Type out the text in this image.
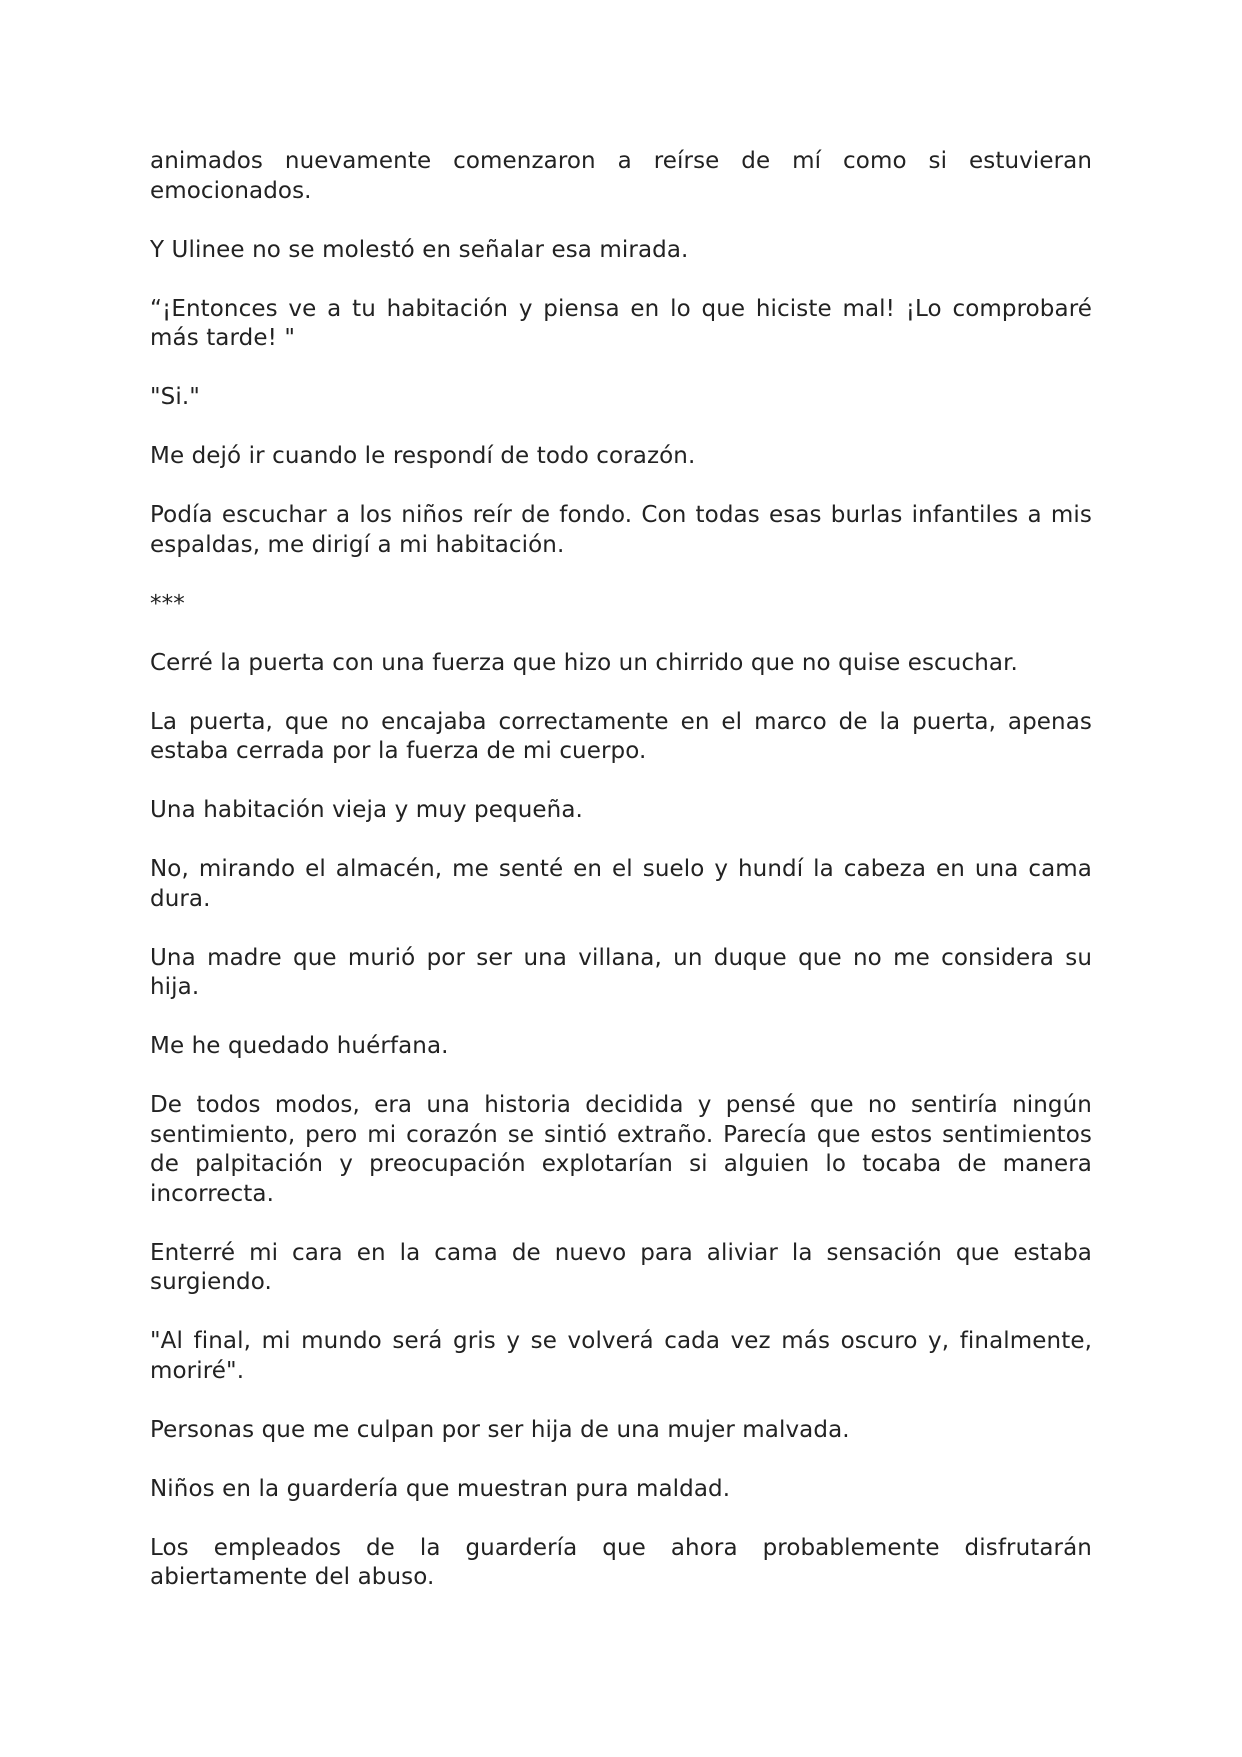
animados nuevamente comenzaron a reírse de mí como si estuvieran emocionados.

Y Ulinee no se molestó en señalar esa mirada.

“¡Entonces ve a tu habitación y piensa en lo que hiciste mal! ¡Lo comprobaré más tarde! "

"Si."

Me dejó ir cuando le respondí de todo corazón.

Podía escuchar a los niños reír de fondo. Con todas esas burlas infantiles a mis espaldas, me dirigí a mi habitación.

***

Cerré la puerta con una fuerza que hizo un chirrido que no quise escuchar.

La puerta, que no encajaba correctamente en el marco de la puerta, apenas estaba cerrada por la fuerza de mi cuerpo.

Una habitación vieja y muy pequeña.

No, mirando el almacén, me senté en el suelo y hundí la cabeza en una cama dura.

Una madre que murió por ser una villana, un duque que no me considera su hija.

Me he quedado huérfana.

De todos modos, era una historia decidida y pensé que no sentiría ningún sentimiento, pero mi corazón se sintió extraño. Parecía que estos sentimientos de palpitación y preocupación explotarían si alguien lo tocaba de manera incorrecta.

Enterré mi cara en la cama de nuevo para aliviar la sensación que estaba surgiendo.

"Al final, mi mundo será gris y se volverá cada vez más oscuro y, finalmente, moriré".

Personas que me culpan por ser hija de una mujer malvada.

Niños en la guardería que muestran pura maldad.

Los empleados de la guardería que ahora probablemente disfrutarán abiertamente del abuso.
